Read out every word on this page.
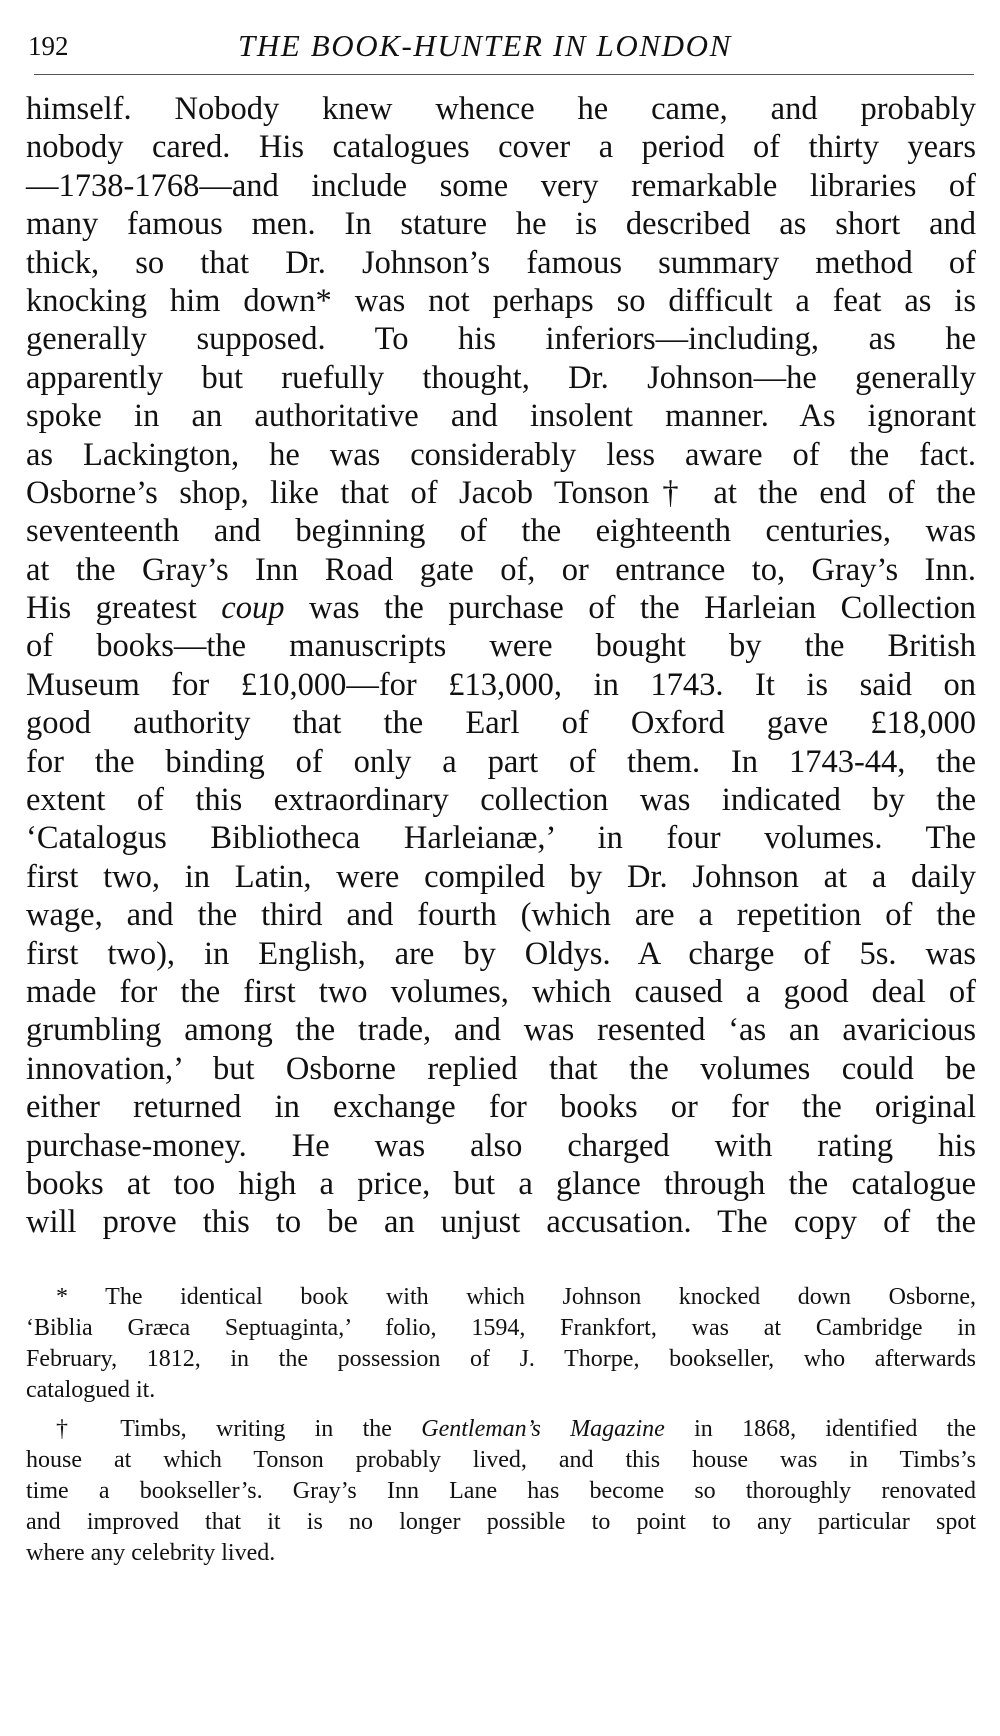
192	THE BOOK-HUNTER IN LONDON
himself. Nobody knew whence he came, and probably
nobody cared. His catalogues cover a period of thirty years
—1738-1768—and include some very remarkable libraries of
many famous men. In stature he is described as short and
thick, so that Dr. Johnson’s famous summary method of
knocking him down* was not perhaps so difficult a feat as is
generally supposed. To his inferiors—including, as he
apparently but ruefully thought, Dr. Johnson—he generally
spoke in an authoritative and insolent manner. As ignorant
as Lackington, he was considerably less aware of the fact.
Osborne’s shop, like that of Jacob Tonson† at the end of the
seventeenth and beginning of the eighteenth centuries, was
at the Gray’s Inn Road gate of, or entrance to, Gray’s Inn.
His greatest coup was the purchase of the Harleian Collection
of books—the manuscripts were bought by the British
Museum for £10,000—for £13,000, in 1743. It is said on
good authority that the Earl of Oxford gave £18,000
for the binding of only a part of them. In 1743-44, the
extent of this extraordinary collection was indicated by the
‘Catalogus Bibliotheca Harleianæ,’ in four volumes. The
first two, in Latin, were compiled by Dr. Johnson at a daily
wage, and the third and fourth (which are a repetition of the
first two), in English, are by Oldys. A charge of 5s. was
made for the first two volumes, which caused a good deal of
grumbling among the trade, and was resented ‘as an avaricious
innovation,’ but Osborne replied that the volumes could be
either returned in exchange for books or for the original
purchase-money. He was also charged with rating his
books at too high a price, but a glance through the catalogue
will prove this to be an unjust accusation. The copy of the
* The identical book with which Johnson knocked down Osborne,
‘Biblia Græca Septuaginta,’ folio, 1594, Frankfort, was at Cambridge in
February, 1812, in the possession of J. Thorpe, bookseller, who afterwards
catalogued it.
† Timbs, writing in the Gentleman’s Magazine in 1868, identified the
house at which Tonson probably lived, and this house was in Timbs’s
time a bookseller’s. Gray’s Inn Lane has become so thoroughly renovated
and improved that it is no longer possible to point to any particular spot
where any celebrity lived.
